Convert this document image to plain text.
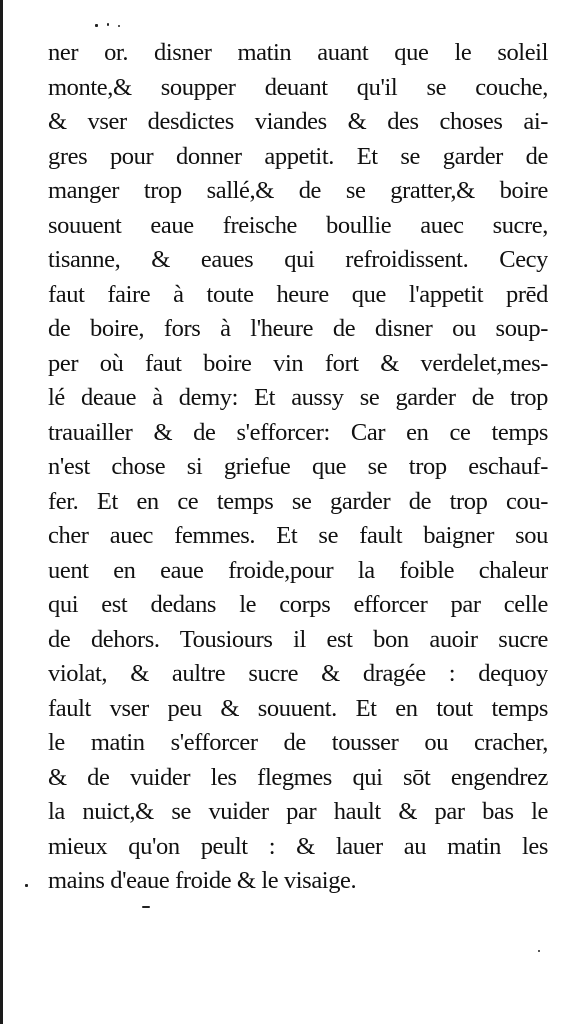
ner or. disner matin auant que le soleil
monte,& soupper deuant qu'il se couche,
& vser desdictes viandes & des choses ai-
gres pour donner appetit. Et se garder de
manger trop sallé,& de se gratter,& boire
souuent eaue freische boullie auec sucre,
tisanne, & eaues qui refroidissent. Cecy
faut faire à toute heure que l'appetit prēd
de boire, fors à l'heure de disner ou soup-
per où faut boire vin fort & verdelet,mes-
lé deaue à demy: Et aussy se garder de trop
trauailler & de s'efforcer: Car en ce temps
n'est chose si griefue que se trop eschauf-
fer. Et en ce temps se garder de trop cou-
cher auec femmes. Et se fault baigner sou
uent en eaue froide,pour la foible chaleur
qui est dedans le corps efforcer par celle
de dehors. Tousiours il est bon auoir sucre
violat, & aultre sucre & dragée : dequoy
fault vser peu & souuent. Et en tout temps
le matin s'efforcer de tousser ou cracher,
& de vuider les flegmes qui sōt engendrez
la nuict,& se vuider par hault & par bas le
mieux qu'on peult : & lauer au matin les
mains d'eaue froide & le visaige.
